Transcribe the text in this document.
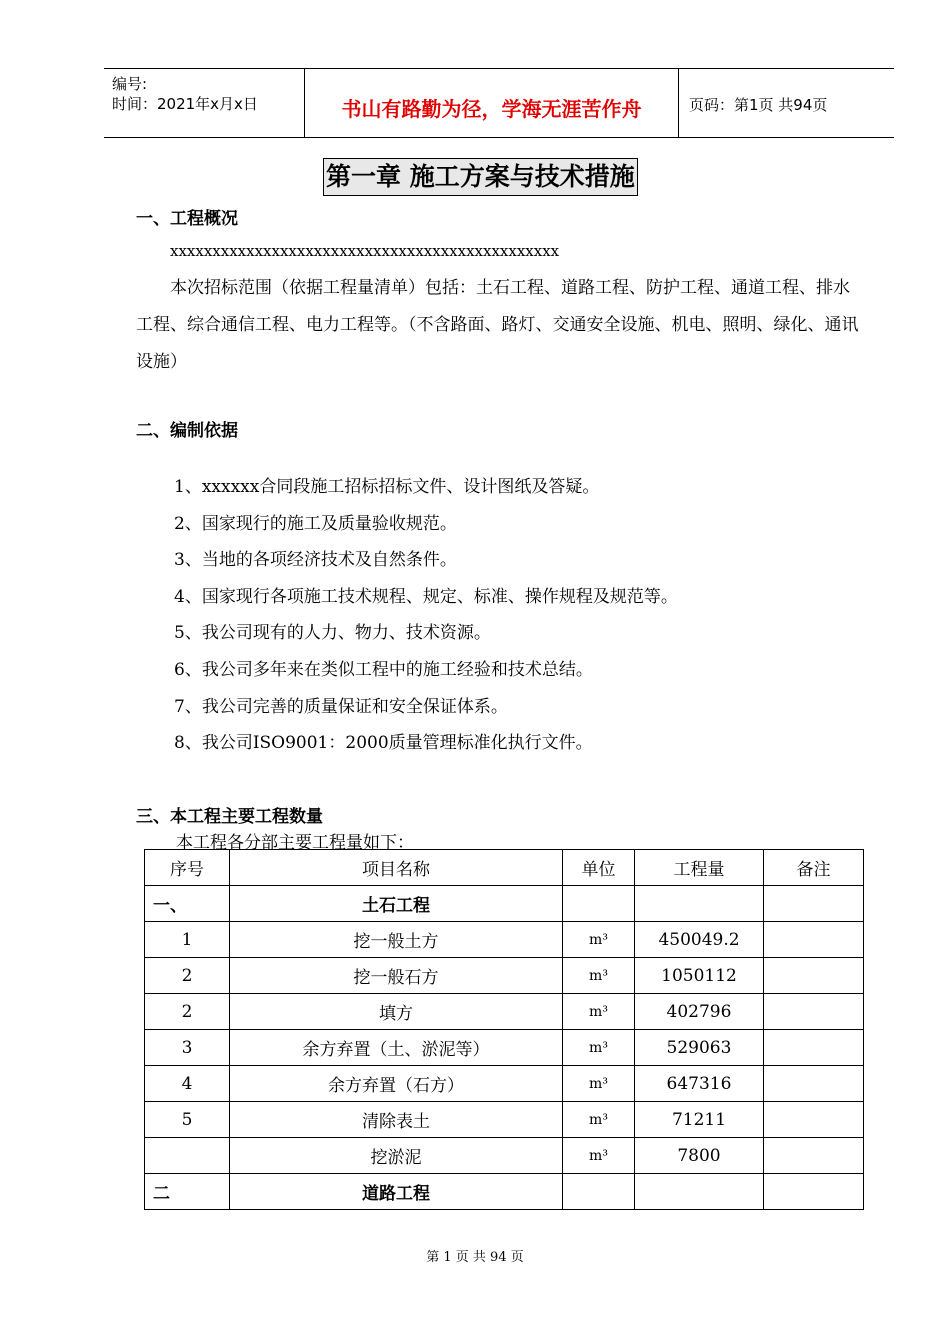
编号:
时间：2021年x月x日	书山有路勤为径，学海无涯苦作舟	页码：第1页 共94页
第一章 施工方案与技术措施
一、工程概况
xxxxxxxxxxxxxxxxxxxxxxxxxxxxxxxxxxxxxxxxxxxxxx
本次招标范围（依据工程量清单）包括：土石工程、道路工程、防护工程、通道工程、排水工程、综合通信工程、电力工程等。（不含路面、路灯、交通安全设施、机电、照明、绿化、通讯设施）
二、编制依据
1、xxxxxx合同段施工招标招标文件、设计图纸及答疑。
2、国家现行的施工及质量验收规范。
3、当地的各项经济技术及自然条件。
4、国家现行各项施工技术规程、规定、标准、操作规程及规范等。
5、我公司现有的人力、物力、技术资源。
6、我公司多年来在类似工程中的施工经验和技术总结。
7、我公司完善的质量保证和安全保证体系。
8、我公司ISO9001：2000质量管理标准化执行文件。
三、本工程主要工程数量
本工程各分部主要工程量如下：
序号	项目名称	单位	工程量	备注
一、	土石工程			
1	挖一般土方	m³	450049.2	
2	挖一般石方	m³	1050112	
2	填方	m³	402796	
3	余方弃置（土、淤泥等）	m³	529063	
4	余方弃置（石方）	m³	647316	
5	清除表土	m³	71211	
	挖淤泥	m³	7800	
二	道路工程			
第 1 页 共 94 页
